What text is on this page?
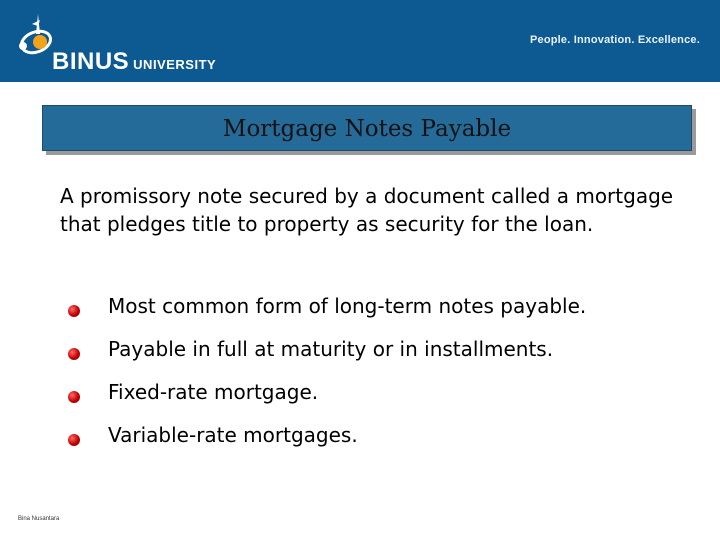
BINUS UNIVERSITY
People. Innovation. Excellence.
Mortgage Notes Payable

A promissory note secured by a document called a mortgage that pledges title to property as security for the loan.

Most common form of long-term notes payable.
Payable in full at maturity or in installments.
Fixed-rate mortgage.
Variable-rate mortgages.
Bina Nusantara
